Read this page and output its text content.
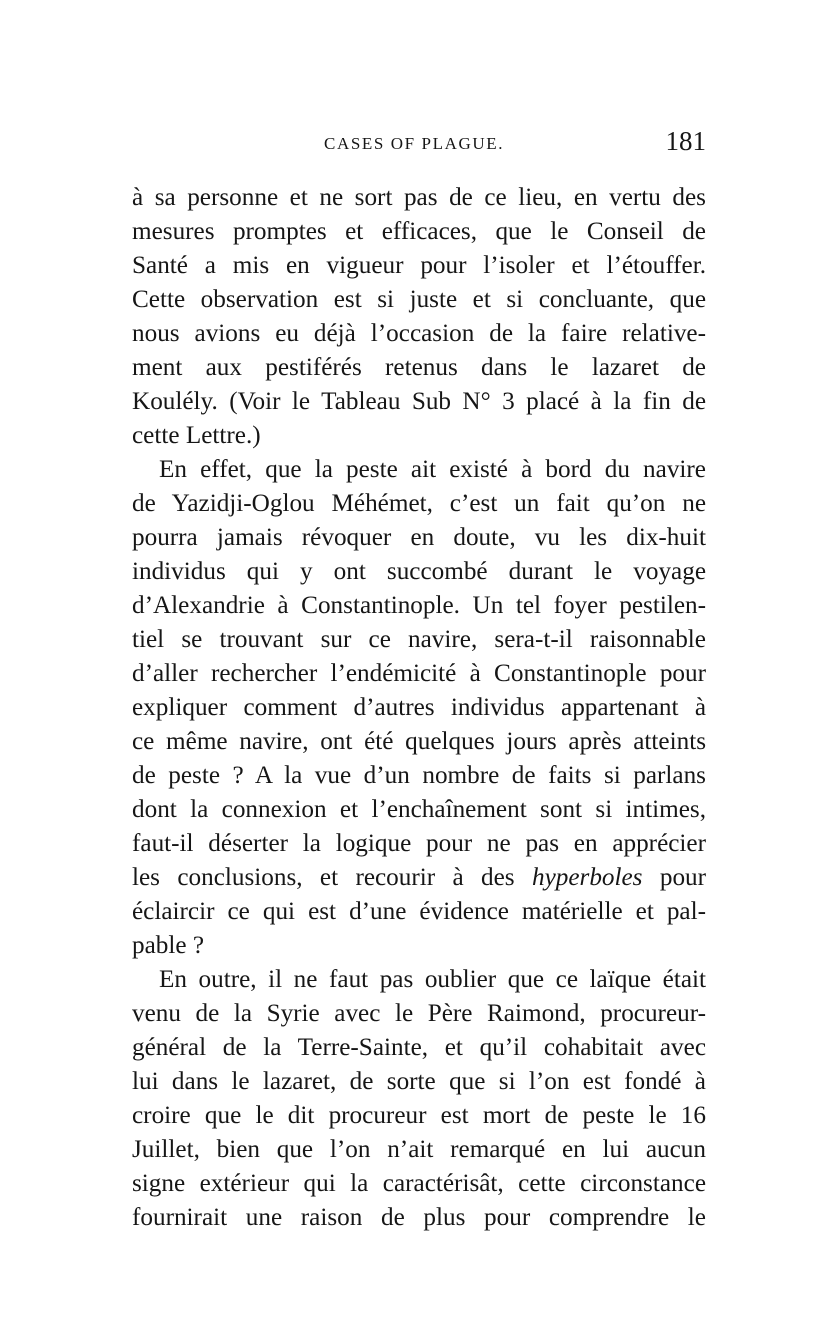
CASES OF PLAGUE.	181
à sa personne et ne sort pas de ce lieu, en vertu des
mesures promptes et efficaces, que le Conseil de
Santé a mis en vigueur pour l’isoler et l’étouffer.
Cette observation est si juste et si concluante, que
nous avions eu déjà l’occasion de la faire relative-
ment aux pestiférés retenus dans le lazaret de
Koulély. (Voir le Tableau Sub N° 3 placé à la fin de
cette Lettre.)
En effet, que la peste ait existé à bord du navire
de Yazidji-Oglou Méhémet, c’est un fait qu’on ne
pourra jamais révoquer en doute, vu les dix-huit
individus qui y ont succombé durant le voyage
d’Alexandrie à Constantinople. Un tel foyer pestilen-
tiel se trouvant sur ce navire, sera-t-il raisonnable
d’aller rechercher l’endémicité à Constantinople pour
expliquer comment d’autres individus appartenant à
ce même navire, ont été quelques jours après atteints
de peste ? A la vue d’un nombre de faits si parlans
dont la connexion et l’enchaînement sont si intimes,
faut-il déserter la logique pour ne pas en apprécier
les conclusions, et recourir à des hyperboles pour
éclaircir ce qui est d’une évidence matérielle et pal-
pable ?
En outre, il ne faut pas oublier que ce laïque était
venu de la Syrie avec le Père Raimond, procureur-
général de la Terre-Sainte, et qu’il cohabitait avec
lui dans le lazaret, de sorte que si l’on est fondé à
croire que le dit procureur est mort de peste le 16
Juillet, bien que l’on n’ait remarqué en lui aucun
signe extérieur qui la caractérisât, cette circonstance
fournirait une raison de plus pour comprendre le
